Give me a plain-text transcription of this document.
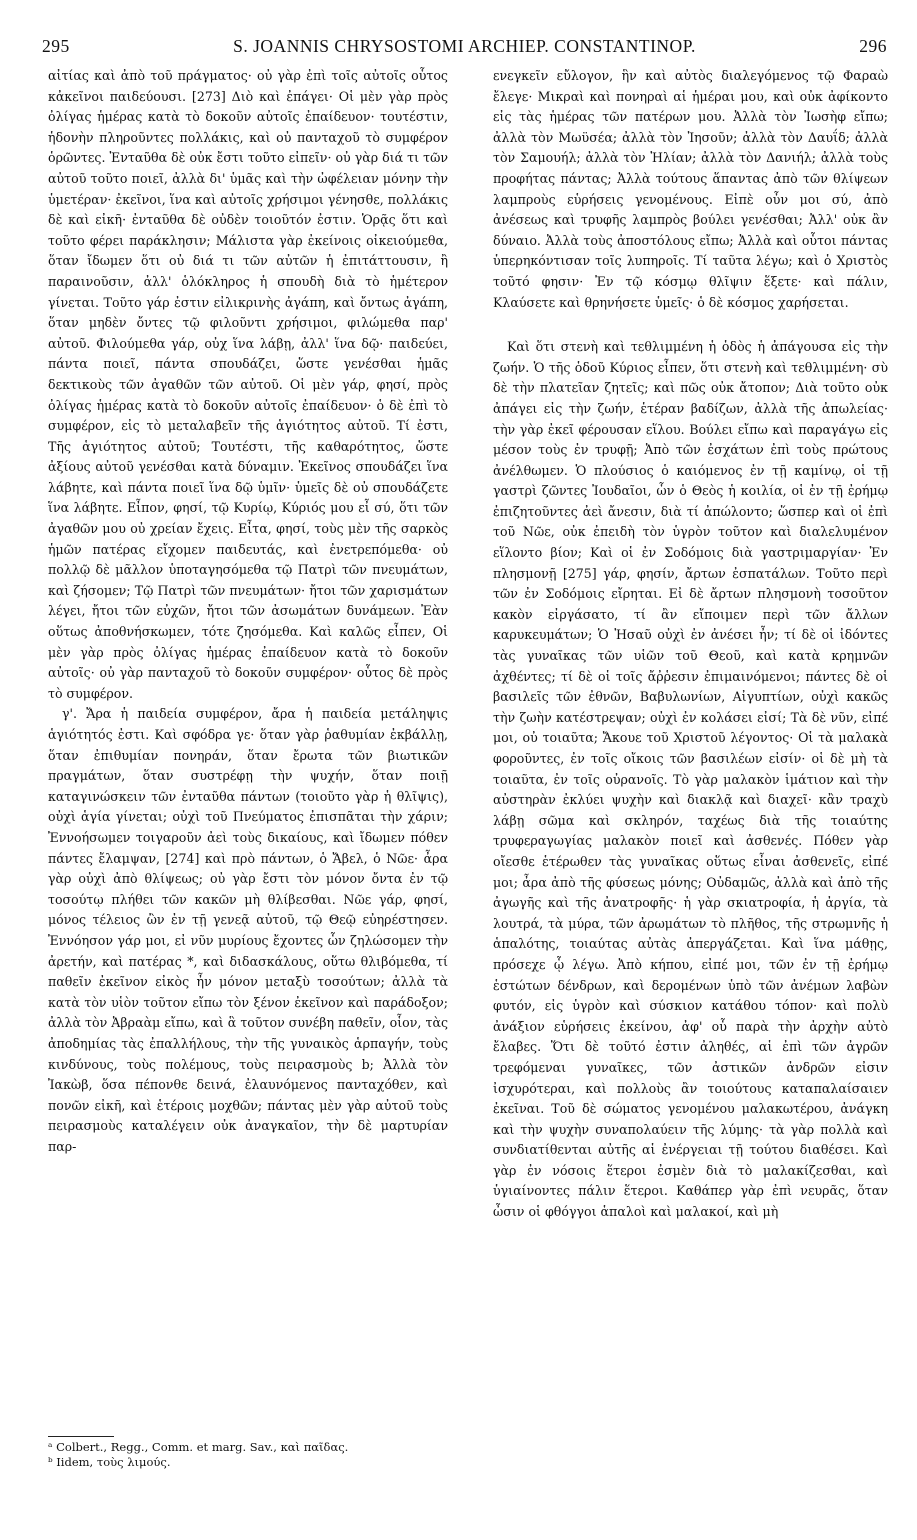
295	S. JOANNIS CHRYSOSTOMI ARCHIEP. CONSTANTINOP.	296

αἰτίας καὶ ἀπὸ τοῦ πράγματος· οὐ γὰρ ἐπὶ τοῖς αὐτοῖς οὗτος κἀκεῖνοι παιδεύουσι. [273] Διὸ καὶ ἐπάγει· Οἱ μὲν γὰρ πρὸς ὀλίγας ἡμέρας κατὰ τὸ δοκοῦν αὐτοῖς ἐπαίδευον· τουτέστιν, ἡδονὴν πληροῦντες πολλάκις, καὶ οὐ πανταχοῦ τὸ συμφέρον ὁρῶντες. Ἐνταῦθα δὲ οὐκ ἔστι τοῦτο εἰπεῖν· οὐ γὰρ διά τι τῶν αὐτοῦ τοῦτο ποιεῖ, ἀλλὰ δι' ὑμᾶς καὶ τὴν ὠφέλειαν μόνην τὴν ὑμετέραν· ἐκεῖνοι, ἵνα καὶ αὐτοῖς χρήσιμοι γένησθε, πολλάκις δὲ καὶ εἰκῆ· ἐνταῦθα δὲ οὐδὲν τοιοῦτόν ἐστιν. Ὁρᾷς ὅτι καὶ τοῦτο φέρει παράκλησιν; Μάλιστα γὰρ ἐκείνοις οἰκειούμεθα, ὅταν ἴδωμεν ὅτι οὐ διά τι τῶν αὐτῶν ἡ ἐπιτάττουσιν, ἢ παραινοῦσιν, ἀλλ' ὁλόκληρος ἡ σπουδὴ διὰ τὸ ἡμέτερον γίνεται. Τοῦτο γάρ ἐστιν εἰλικρινὴς ἀγάπη, καὶ ὄντως ἀγάπη, ὅταν μηδὲν ὄντες τῷ φιλοῦντι χρήσιμοι, φιλώμεθα παρ' αὐτοῦ. Φιλούμεθα γάρ, οὐχ ἵνα λάβῃ, ἀλλ' ἵνα δῷ· παιδεύει, πάντα ποιεῖ, πάντα σπουδάζει, ὥστε γενέσθαι ἡμᾶς δεκτικοὺς τῶν ἀγαθῶν τῶν αὐτοῦ. Οἱ μὲν γάρ, φησί, πρὸς ὀλίγας ἡμέρας κατὰ τὸ δοκοῦν αὐτοῖς ἐπαίδευον· ὁ δὲ ἐπὶ τὸ συμφέρον, εἰς τὸ μεταλαβεῖν τῆς ἁγιότητος αὐτοῦ. Τί ἐστι, Τῆς ἁγιότητος αὐτοῦ; Τουτέστι, τῆς καθαρότητος, ὥστε ἀξίους αὐτοῦ γενέσθαι κατὰ δύναμιν. Ἐκεῖνος σπουδάζει ἵνα λάβητε, καὶ πάντα ποιεῖ ἵνα δῷ ὑμῖν· ὑμεῖς δὲ οὐ σπουδάζετε ἵνα λάβητε. Εἶπον, φησί, τῷ Κυρίῳ, Κύριός μου εἶ σύ, ὅτι τῶν ἀγαθῶν μου οὐ χρείαν ἔχεις. Εἶτα, φησί, τοὺς μὲν τῆς σαρκὸς ἡμῶν πατέρας εἴχομεν παιδευτάς, καὶ ἐνετρεπόμεθα· οὐ πολλῷ δὲ μᾶλλον ὑποταγησόμεθα τῷ Πατρὶ τῶν πνευμάτων, καὶ ζήσομεν; Τῷ Πατρὶ τῶν πνευμάτων· ἤτοι τῶν χαρισμάτων λέγει, ἤτοι τῶν εὐχῶν, ἤτοι τῶν ἀσωμάτων δυνάμεων. Ἐὰν οὕτως ἀποθνήσκωμεν, τότε ζησόμεθα. Καὶ καλῶς εἶπεν, Οἱ μὲν γὰρ πρὸς ὀλίγας ἡμέρας ἐπαίδευον κατὰ τὸ δοκοῦν αὐτοῖς· οὐ γὰρ πανταχοῦ τὸ δοκοῦν συμφέρον· οὗτος δὲ πρὸς τὸ συμφέρον.

γ'. Ἄρα ἡ παιδεία συμφέρον, ἄρα ἡ παιδεία μετάληψις ἁγιότητός ἐστι. Καὶ σφόδρα γε· ὅταν γὰρ ῥαθυμίαν ἐκβάλλῃ, ὅταν ἐπιθυμίαν πονηράν, ὅταν ἔρωτα τῶν βιωτικῶν πραγμάτων, ὅταν συστρέφῃ τὴν ψυχήν, ὅταν ποιῇ καταγινώσκειν τῶν ἐνταῦθα πάντων (τοιοῦτο γὰρ ἡ θλῖψις), οὐχὶ ἁγία γίνεται; οὐχὶ τοῦ Πνεύματος ἐπισπᾶται τὴν χάριν; Ἐννοήσωμεν τοιγαροῦν ἀεὶ τοὺς δικαίους, καὶ ἴδωμεν πόθεν πάντες ἔλαμψαν, [274] καὶ πρὸ πάντων, ὁ Ἄβελ, ὁ Νῶε· ἆρα γὰρ οὐχὶ ἀπὸ θλίψεως; οὐ γὰρ ἔστι τὸν μόνον ὄντα ἐν τῷ τοσούτῳ πλήθει τῶν κακῶν μὴ θλίβεσθαι. Νῶε γάρ, φησί, μόνος τέλειος ὢν ἐν τῇ γενεᾷ αὐτοῦ, τῷ Θεῷ εὐηρέστησεν. Ἐννόησον γάρ μοι, εἰ νῦν μυρίους ἔχοντες ὧν ζηλώσομεν τὴν ἀρετήν, καὶ πατέρας *, καὶ διδασκάλους, οὕτω θλιβόμεθα, τί παθεῖν ἐκεῖνον εἰκὸς ἦν μόνον μεταξὺ τοσούτων; ἀλλὰ τὰ κατὰ τὸν υἱὸν τοῦτον εἴπω τὸν ξένον ἐκεῖνον καὶ παράδοξον; ἀλλὰ τὸν Ἀβραὰμ εἴπω, καὶ ἃ τοῦτον συνέβη παθεῖν, οἷον, τὰς ἀποδημίας τὰς ἐπαλλήλους, τὴν τῆς γυναικὸς ἁρπαγήν, τοὺς κινδύνους, τοὺς πολέμους, τοὺς πειρασμοὺς b; Ἀλλὰ τὸν Ἰακὼβ, ὅσα πέπονθε δεινά, ἐλαυνόμενος πανταχόθεν, καὶ πονῶν εἰκῆ, καὶ ἑτέροις μοχθῶν; πάντας μὲν γὰρ αὐτοῦ τοὺς πειρασμοὺς καταλέγειν οὐκ ἀναγκαῖον, τὴν δὲ μαρτυρίαν παρ-

ενεγκεῖν εὔλογον, ἣν καὶ αὐτὸς διαλεγόμενος τῷ Φαραὼ ἔλεγε· Μικραὶ καὶ πονηραὶ αἱ ἡμέραι μου, καὶ οὐκ ἀφίκοντο εἰς τὰς ἡμέρας τῶν πατέρων μου. Ἀλλὰ τὸν Ἰωσὴφ εἴπω; ἀλλὰ τὸν Μωϋσέα; ἀλλὰ τὸν Ἰησοῦν; ἀλλὰ τὸν Δαυΐδ; ἀλλὰ τὸν Σαμουήλ; ἀλλὰ τὸν Ἠλίαν; ἀλλὰ τὸν Δανιήλ; ἀλλὰ τοὺς προφήτας πάντας; Ἀλλὰ τούτους ἅπαντας ἀπὸ τῶν θλίψεων λαμπροὺς εὑρήσεις γενομένους. Εἰπὲ οὖν μοι σύ, ἀπὸ ἀνέσεως καὶ τρυφῆς λαμπρὸς βούλει γενέσθαι; Ἀλλ' οὐκ ἂν δύναιο. Ἀλλὰ τοὺς ἀποστόλους εἴπω; Ἀλλὰ καὶ οὗτοι πάντας ὑπερηκόντισαν τοῖς λυπηροῖς. Τί ταῦτα λέγω; καὶ ὁ Χριστὸς τοῦτό φησιν· Ἐν τῷ κόσμῳ θλῖψιν ἕξετε· καὶ πάλιν, Κλαύσετε καὶ θρηνήσετε ὑμεῖς· ὁ δὲ κόσμος χαρήσεται.

Καὶ ὅτι στενὴ καὶ τεθλιμμένη ἡ ὁδὸς ἡ ἀπάγουσα εἰς τὴν ζωήν. Ὁ τῆς ὁδοῦ Κύριος εἶπεν, ὅτι στενὴ καὶ τεθλιμμένη· σὺ δὲ τὴν πλατεῖαν ζητεῖς; καὶ πῶς οὐκ ἄτοπον; Διὰ τοῦτο οὐκ ἀπάγει εἰς τὴν ζωήν, ἑτέραν βαδίζων, ἀλλὰ τῆς ἀπωλείας· τὴν γὰρ ἐκεῖ φέρουσαν εἵλου. Βούλει εἴπω καὶ παραγάγω εἰς μέσον τοὺς ἐν τρυφῇ; Ἀπὸ τῶν ἐσχάτων ἐπὶ τοὺς πρώτους ἀνέλθωμεν. Ὁ πλούσιος ὁ καιόμενος ἐν τῇ καμίνῳ, οἱ τῇ γαστρὶ ζῶντες Ἰουδαῖοι, ὧν ὁ Θεὸς ἡ κοιλία, οἱ ἐν τῇ ἐρήμῳ ἐπιζητοῦντες ἀεὶ ἄνεσιν, διὰ τί ἀπώλοντο; ὥσπερ καὶ οἱ ἐπὶ τοῦ Νῶε, οὐκ ἐπειδὴ τὸν ὑγρὸν τοῦτον καὶ διαλελυμένον εἵλοντο βίον; Καὶ οἱ ἐν Σοδόμοις διὰ γαστριμαργίαν· Ἐν πλησμονῇ [275] γάρ, φησίν, ἄρτων ἐσπατάλων. Τοῦτο περὶ τῶν ἐν Σοδόμοις εἴρηται. Εἰ δὲ ἄρτων πλησμονὴ τοσοῦτον κακὸν εἰργάσατο, τί ἂν εἴποιμεν περὶ τῶν ἄλλων καρυκευμάτων; Ὁ Ἠσαῦ οὐχὶ ἐν ἀνέσει ἦν; τί δὲ οἱ ἰδόντες τὰς γυναῖκας τῶν υἱῶν τοῦ Θεοῦ, καὶ κατὰ κρημνῶν ἀχθέντες; τί δὲ οἱ τοῖς ἄῤῥεσιν ἐπιμαινόμενοι; πάντες δὲ οἱ βασιλεῖς τῶν ἐθνῶν, Βαβυλωνίων, Αἰγυπτίων, οὐχὶ κακῶς τὴν ζωὴν κατέστρεψαν; οὐχὶ ἐν κολάσει εἰσί; Τὰ δὲ νῦν, εἰπέ μοι, οὐ τοιαῦτα; Ἄκουε τοῦ Χριστοῦ λέγοντος· Οἱ τὰ μαλακὰ φοροῦντες, ἐν τοῖς οἴκοις τῶν βασιλέων εἰσίν· οἱ δὲ μὴ τὰ τοιαῦτα, ἐν τοῖς οὐρανοῖς. Τὸ γὰρ μαλακὸν ἱμάτιον καὶ τὴν αὐστηρὰν ἐκλύει ψυχὴν καὶ διακλᾷ καὶ διαχεῖ· κἂν τραχὺ λάβῃ σῶμα καὶ σκληρόν, ταχέως διὰ τῆς τοιαύτης τρυφεραγωγίας μαλακὸν ποιεῖ καὶ ἀσθενές. Πόθεν γὰρ οἴεσθε ἑτέρωθεν τὰς γυναῖκας οὕτως εἶναι ἀσθενεῖς, εἰπέ μοι; ἆρα ἀπὸ τῆς φύσεως μόνης; Οὐδαμῶς, ἀλλὰ καὶ ἀπὸ τῆς ἀγωγῆς καὶ τῆς ἀνατροφῆς· ἡ γὰρ σκιατροφία, ἡ ἀργία, τὰ λουτρά, τὰ μύρα, τῶν ἀρωμάτων τὸ πλῆθος, τῆς στρωμνῆς ἡ ἁπαλότης, τοιαύτας αὐτὰς ἀπεργάζεται. Καὶ ἵνα μάθῃς, πρόσεχε ᾧ λέγω. Ἀπὸ κήπου, εἰπέ μοι, τῶν ἐν τῇ ἐρήμῳ ἑστώτων δένδρων, καὶ δερομένων ὑπὸ τῶν ἀνέμων λαβὼν φυτόν, εἰς ὑγρὸν καὶ σύσκιον κατάθου τόπον· καὶ πολὺ ἀνάξιον εὑρήσεις ἐκείνου, ἀφ' οὗ παρὰ τὴν ἀρχὴν αὐτὸ ἔλαβες. Ὅτι δὲ τοῦτό ἐστιν ἀληθές, αἱ ἐπὶ τῶν ἀγρῶν τρεφόμεναι γυναῖκες, τῶν ἀστικῶν ἀνδρῶν εἰσιν ἰσχυρότεραι, καὶ πολλοὺς ἂν τοιούτους καταπαλαίσαιεν ἐκεῖναι. Τοῦ δὲ σώματος γενομένου μαλακωτέρου, ἀνάγκη καὶ τὴν ψυχὴν συναπολαύειν τῆς λύμης· τὰ γὰρ πολλὰ καὶ συνδιατίθενται αὐτῆς αἱ ἐνέργειαι τῇ τούτου διαθέσει. Καὶ γὰρ ἐν νόσοις ἕτεροι ἐσμὲν διὰ τὸ μαλακίζεσθαι, καὶ ὑγιαίνοντες πάλιν ἕτεροι. Καθάπερ γὰρ ἐπὶ νευρᾶς, ὅταν ὦσιν οἱ φθόγγοι ἁπαλοὶ καὶ μαλακοί, καὶ μὴ

ᵃ Colbert., Regg., Comm. et marg. Sav., καὶ παῖδας.

ᵇ Iidem, τοὺς λιμούς.
